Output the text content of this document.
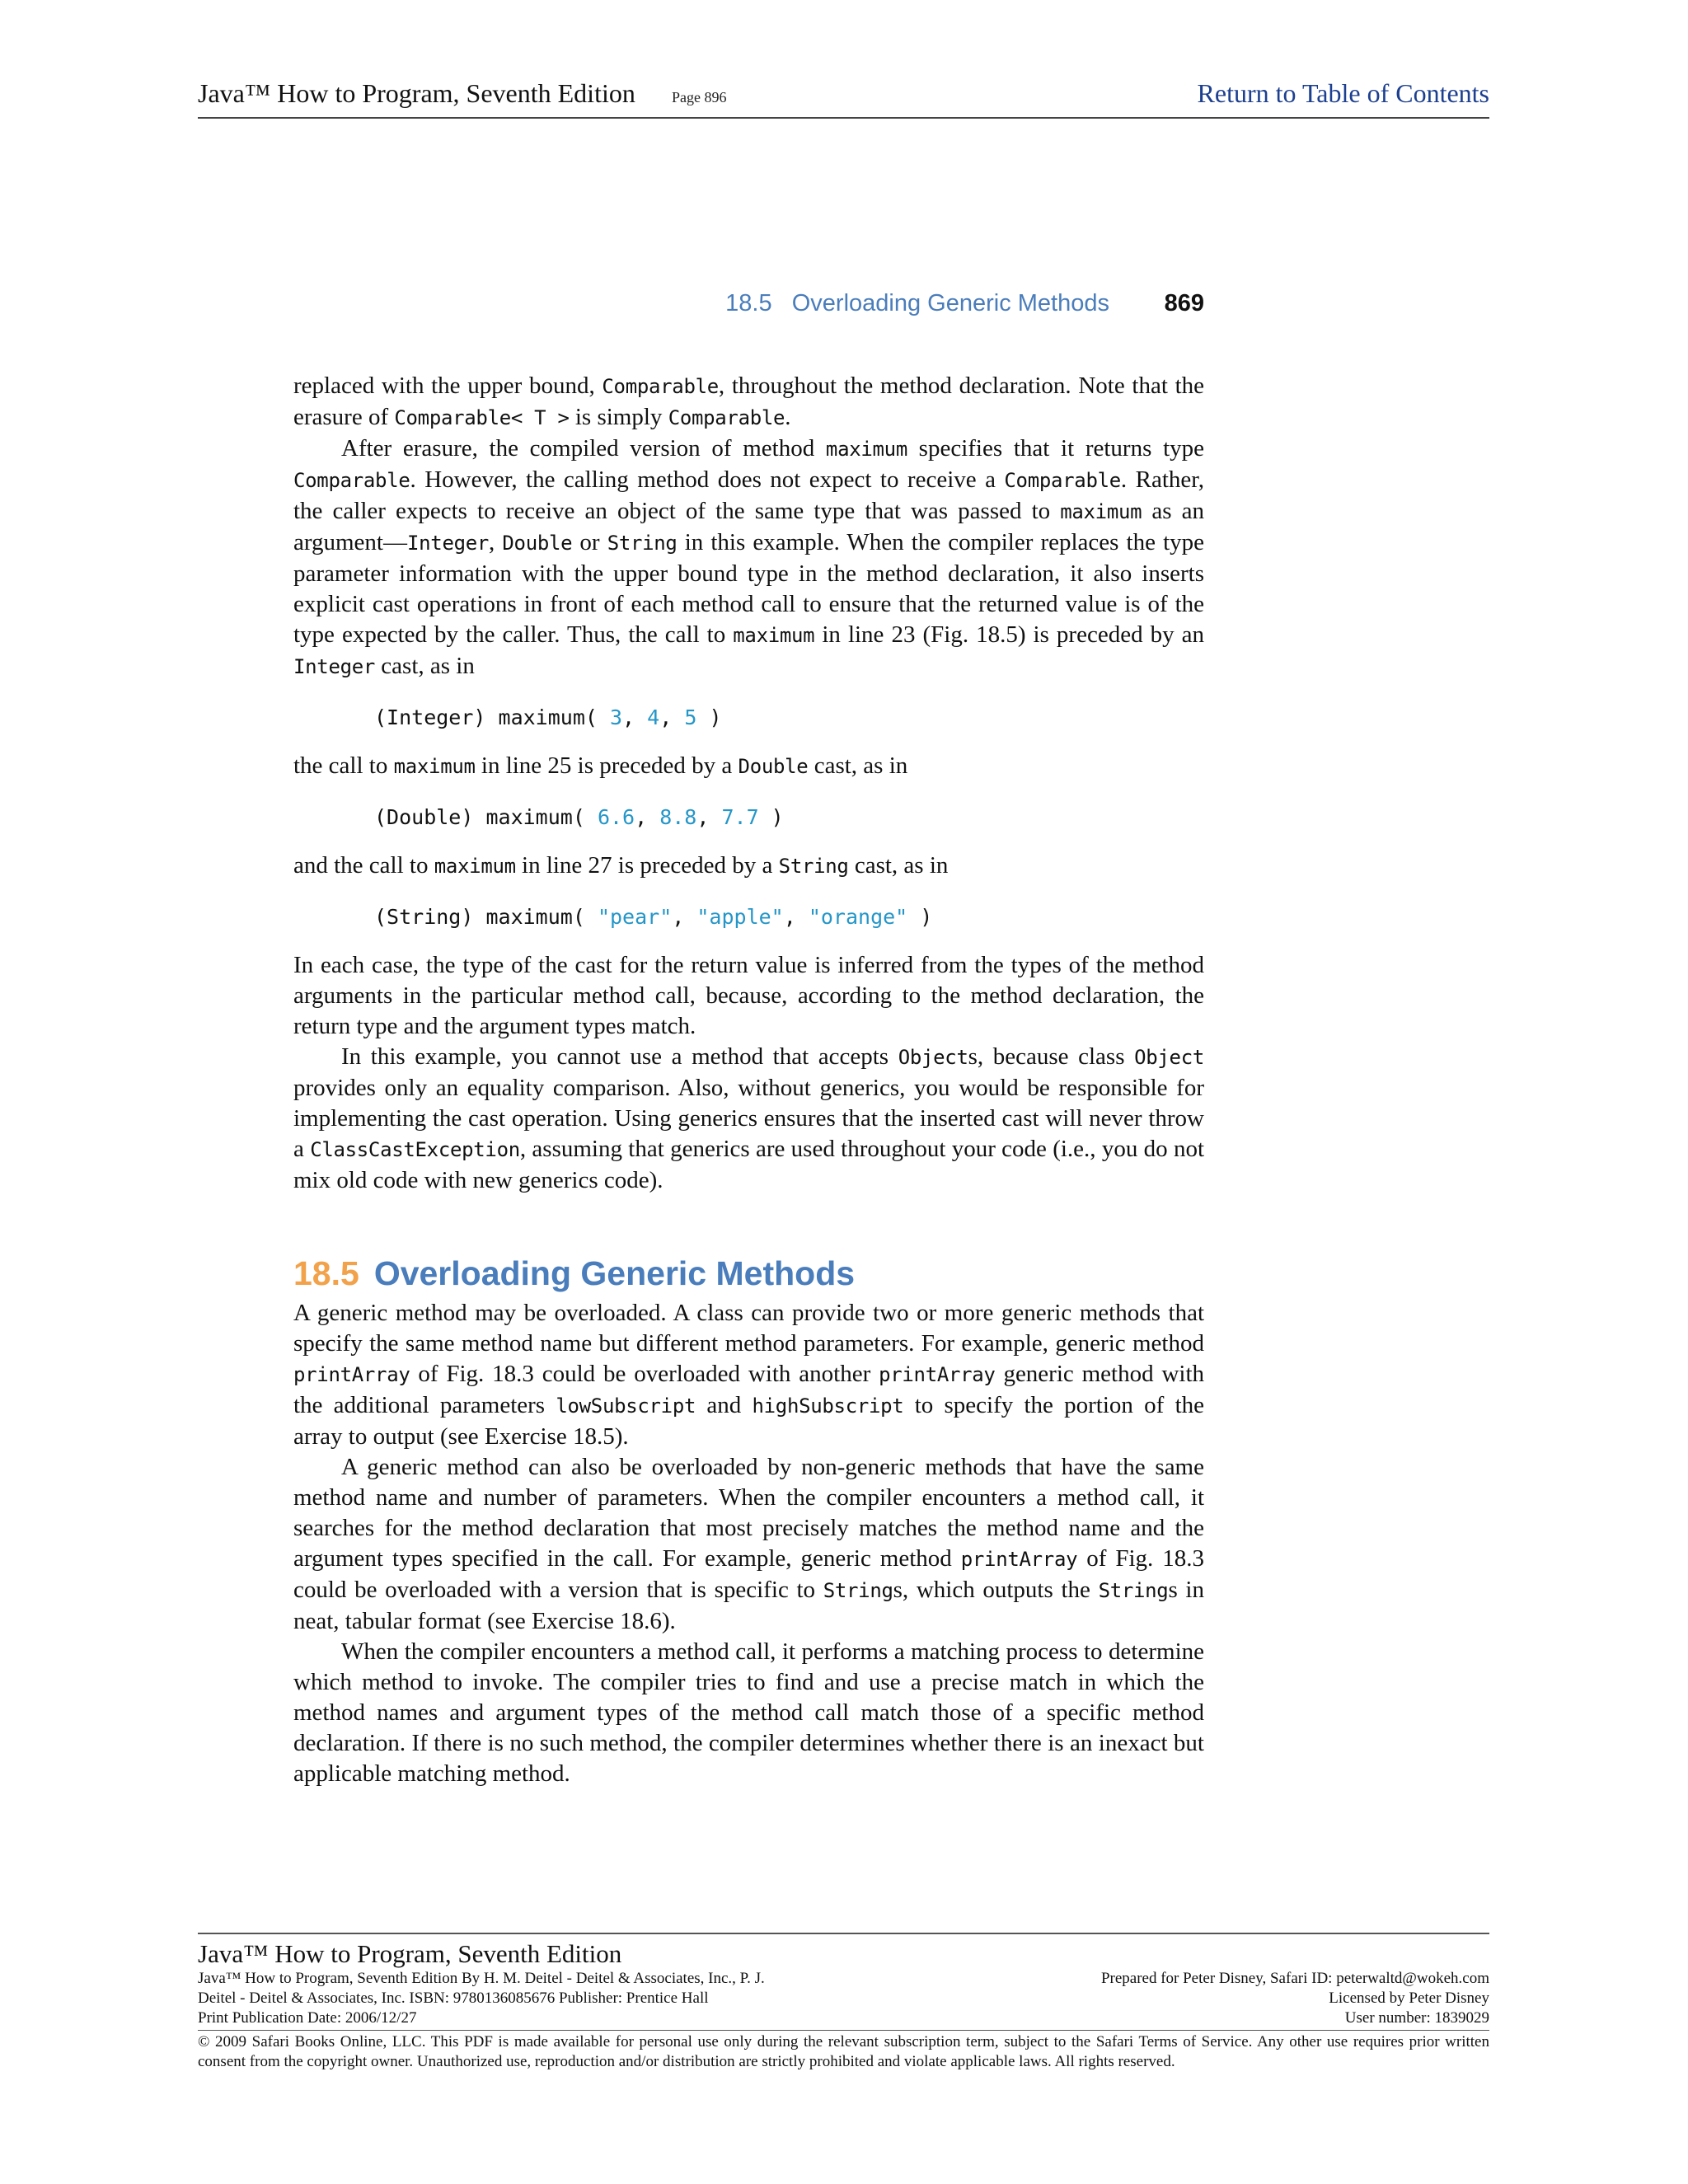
Java™ How to Program, Seventh Edition Page 896	Return to Table of Contents
18.5   Overloading Generic Methods 869

replaced with the upper bound, Comparable, throughout the method declaration. Note that the erasure of Comparable< T > is simply Comparable.

After erasure, the compiled version of method maximum specifies that it returns type Comparable. However, the calling method does not expect to receive a Comparable. Rather, the caller expects to receive an object of the same type that was passed to maximum as an argument—Integer, Double or String in this example. When the compiler replaces the type parameter information with the upper bound type in the method declaration, it also inserts explicit cast operations in front of each method call to ensure that the returned value is of the type expected by the caller. Thus, the call to maximum in line 23 (Fig. 18.5) is preceded by an Integer cast, as in

(Integer) maximum( 3, 4, 5 )

the call to maximum in line 25 is preceded by a Double cast, as in

(Double) maximum( 6.6, 8.8, 7.7 )

and the call to maximum in line 27 is preceded by a String cast, as in

(String) maximum( "pear", "apple", "orange" )

In each case, the type of the cast for the return value is inferred from the types of the method arguments in the particular method call, because, according to the method declaration, the return type and the argument types match.

In this example, you cannot use a method that accepts Objects, because class Object provides only an equality comparison. Also, without generics, you would be responsible for implementing the cast operation. Using generics ensures that the inserted cast will never throw a ClassCastException, assuming that generics are used throughout your code (i.e., you do not mix old code with new generics code).

18.5 Overloading Generic Methods

A generic method may be overloaded. A class can provide two or more generic methods that specify the same method name but different method parameters. For example, generic method printArray of Fig. 18.3 could be overloaded with another printArray generic method with the additional parameters lowSubscript and highSubscript to specify the portion of the array to output (see Exercise 18.5).

A generic method can also be overloaded by non-generic methods that have the same method name and number of parameters. When the compiler encounters a method call, it searches for the method declaration that most precisely matches the method name and the argument types specified in the call. For example, generic method printArray of Fig. 18.3 could be overloaded with a version that is specific to Strings, which outputs the Strings in neat, tabular format (see Exercise 18.6).

When the compiler encounters a method call, it performs a matching process to determine which method to invoke. The compiler tries to find and use a precise match in which the method names and argument types of the method call match those of a specific method declaration. If there is no such method, the compiler determines whether there is an inexact but applicable matching method.

Java™ How to Program, Seventh Edition
Java™ How to Program, Seventh Edition By H. M. Deitel - Deitel & Associates, Inc., P. J.	Prepared for Peter Disney, Safari ID: peterwaltd@wokeh.com
Deitel - Deitel & Associates, Inc. ISBN: 9780136085676 Publisher: Prentice Hall	Licensed by Peter Disney
Print Publication Date: 2006/12/27	User number: 1839029
© 2009 Safari Books Online, LLC. This PDF is made available for personal use only during the relevant subscription term, subject to the Safari Terms of Service. Any other use requires prior written consent from the copyright owner. Unauthorized use, reproduction and/or distribution are strictly prohibited and violate applicable laws. All rights reserved.
